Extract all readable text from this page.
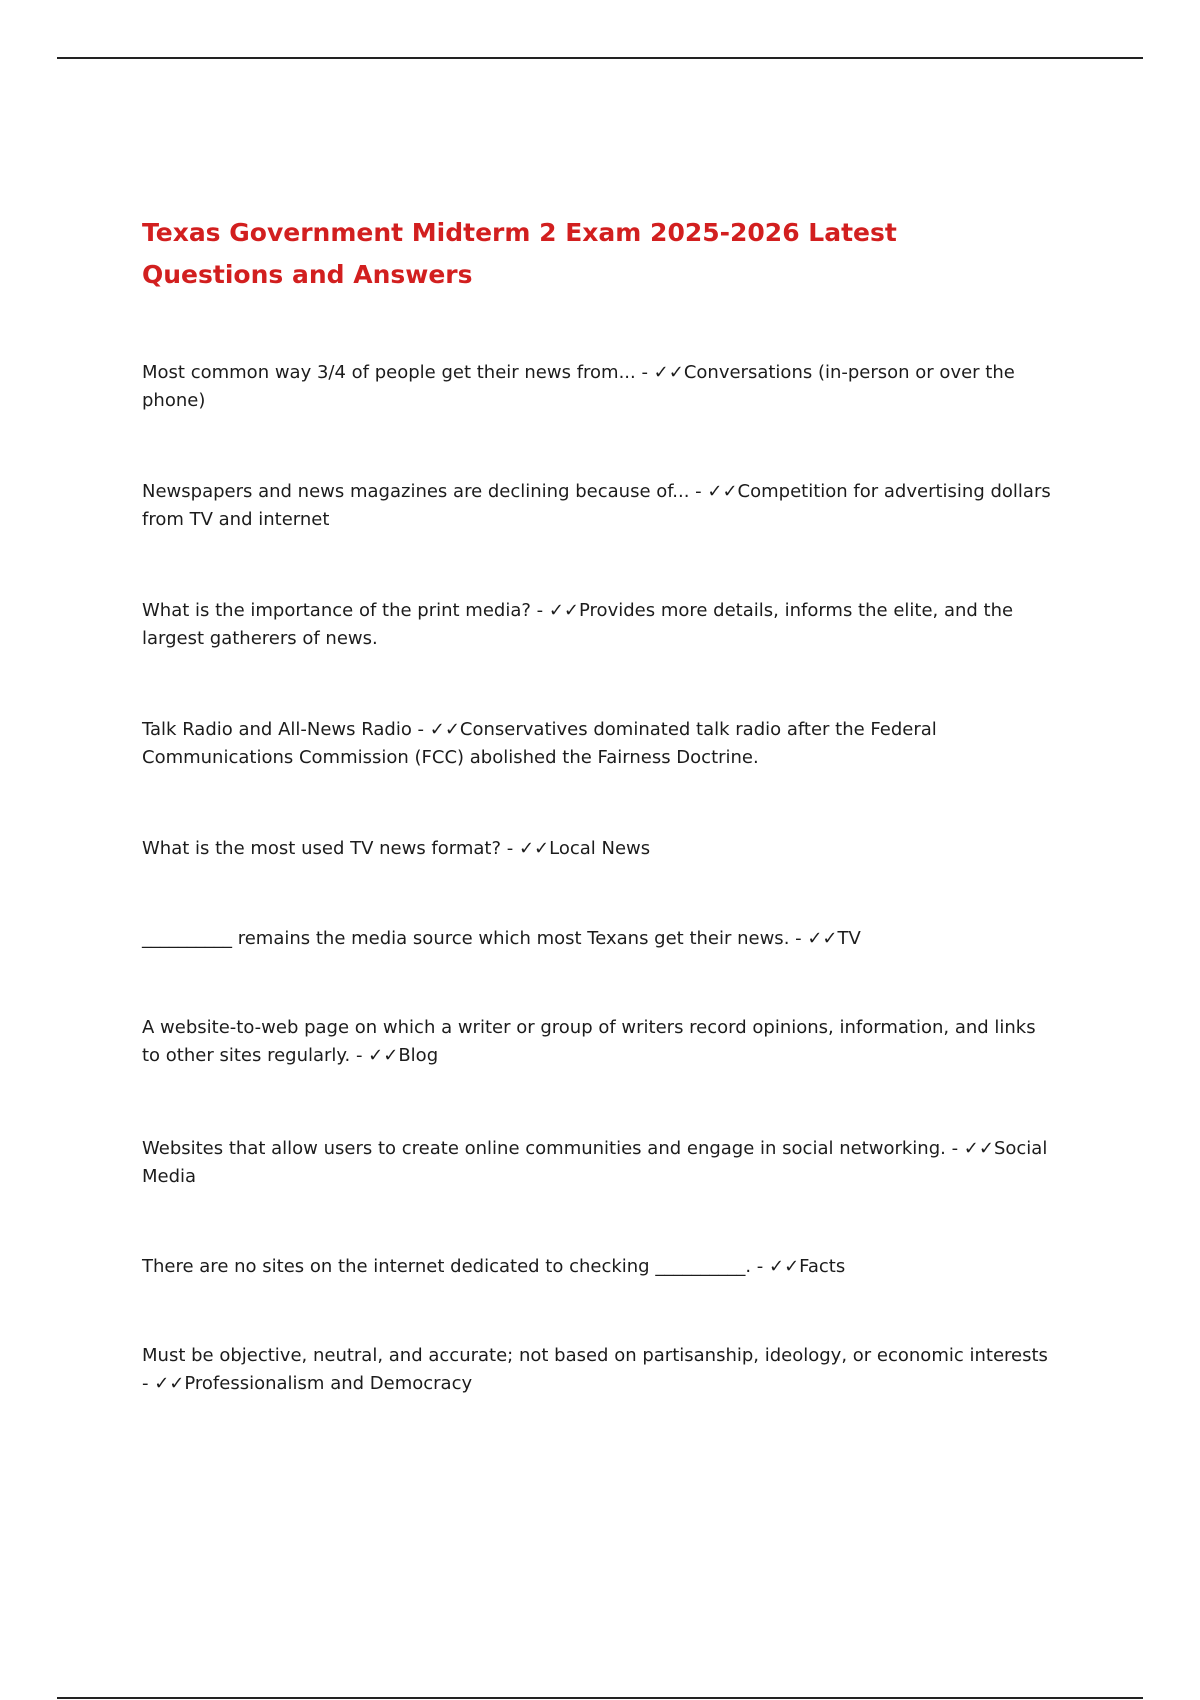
Texas Government Midterm 2 Exam 2025-2026 Latest Questions and Answers

Most common way 3/4 of people get their news from... - ✓✓Conversations (in-person or over the phone)

Newspapers and news magazines are declining because of... - ✓✓Competition for advertising dollars from TV and internet

What is the importance of the print media? - ✓✓Provides more details, informs the elite, and the largest gatherers of news.

Talk Radio and All-News Radio - ✓✓Conservatives dominated talk radio after the Federal Communications Commission (FCC) abolished the Fairness Doctrine.

What is the most used TV news format? - ✓✓Local News

__________ remains the media source which most Texans get their news. - ✓✓TV

A website-to-web page on which a writer or group of writers record opinions, information, and links to other sites regularly. - ✓✓Blog

Websites that allow users to create online communities and engage in social networking. - ✓✓Social Media

There are no sites on the internet dedicated to checking __________. - ✓✓Facts

Must be objective, neutral, and accurate; not based on partisanship, ideology, or economic interests - ✓✓Professionalism and Democracy
